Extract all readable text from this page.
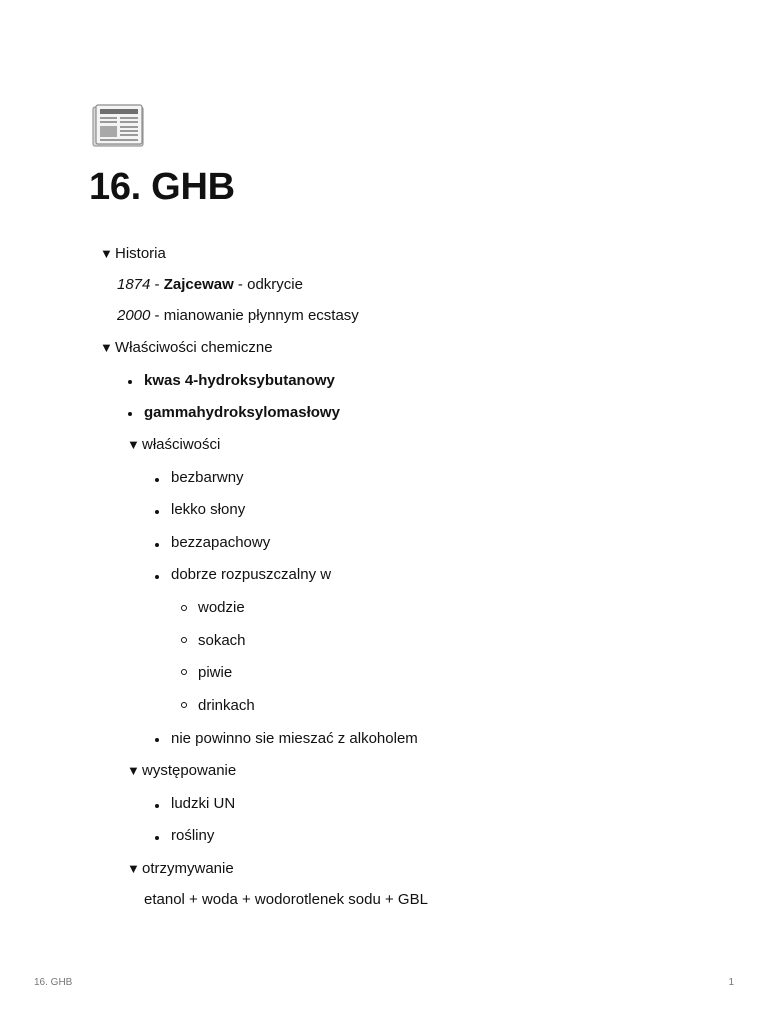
16. GHB
▼ Historia
1874 - Zajcewaw - odkrycie
2000 - mianowanie płynnym ecstasy
▼ Właściwości chemiczne
kwas 4-hydroksybutanowy
gammahydroksylomasłowy
▼ właściwości
bezbarwny
lekko słony
bezzapachowy
dobrze rozpuszczalny w
wodzie
sokach
piwie
drinkach
nie powinno sie mieszać z alkoholem
▼ występowanie
ludzki UN
rośliny
▼ otrzymywanie
etanol + woda + wodorotlenek sodu + GBL
16. GHB	1
